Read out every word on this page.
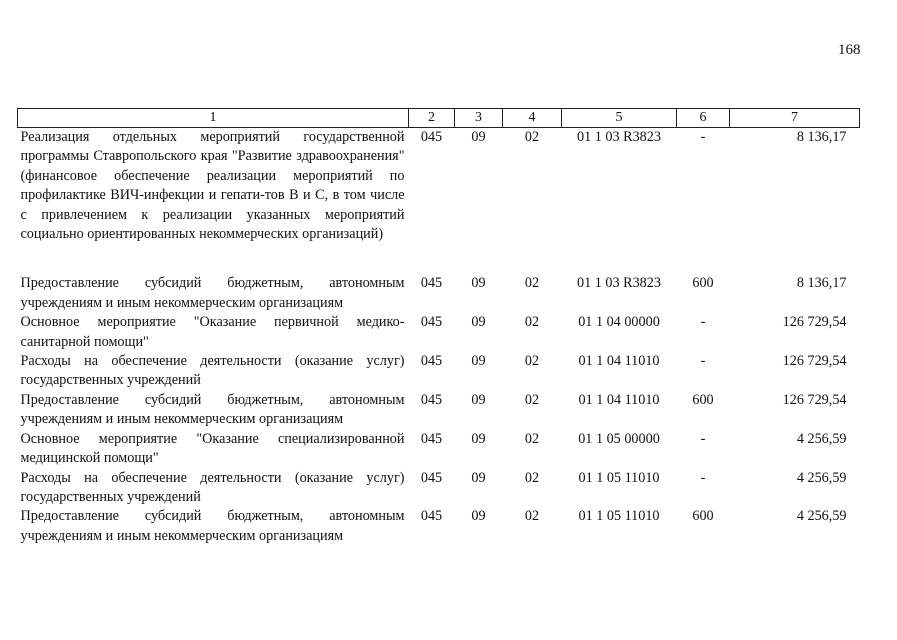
168
1	2	3	4	5	6	7
Реализация отдельных мероприятий государственной программы Ставропольского края "Развитие здравоохранения" (финансовое обеспечение реализации мероприятий по профилактике ВИЧ-инфекции и гепати-тов В и С, в том числе с привлечением к реализации указанных мероприятий социально ориентированных некоммерческих организаций)	045	09	02	01 1 03 R3823	-	8 136,17
Предоставление субсидий бюджетным, автономным учреждениям и иным некоммерческим организациям	045	09	02	01 1 03 R3823	600	8 136,17
Основное мероприятие "Оказание первичной медико-санитарной помощи"	045	09	02	01 1 04 00000	-	126 729,54
Расходы на обеспечение деятельности (оказание услуг) государственных учреждений	045	09	02	01 1 04 11010	-	126 729,54
Предоставление субсидий бюджетным, автономным учреждениям и иным некоммерческим организациям	045	09	02	01 1 04 11010	600	126 729,54
Основное мероприятие "Оказание специализированной медицинской помощи"	045	09	02	01 1 05 00000	-	4 256,59
Расходы на обеспечение деятельности (оказание услуг) государственных учреждений	045	09	02	01 1 05 11010	-	4 256,59
Предоставление субсидий бюджетным, автономным учреждениям и иным некоммерческим организациям	045	09	02	01 1 05 11010	600	4 256,59
